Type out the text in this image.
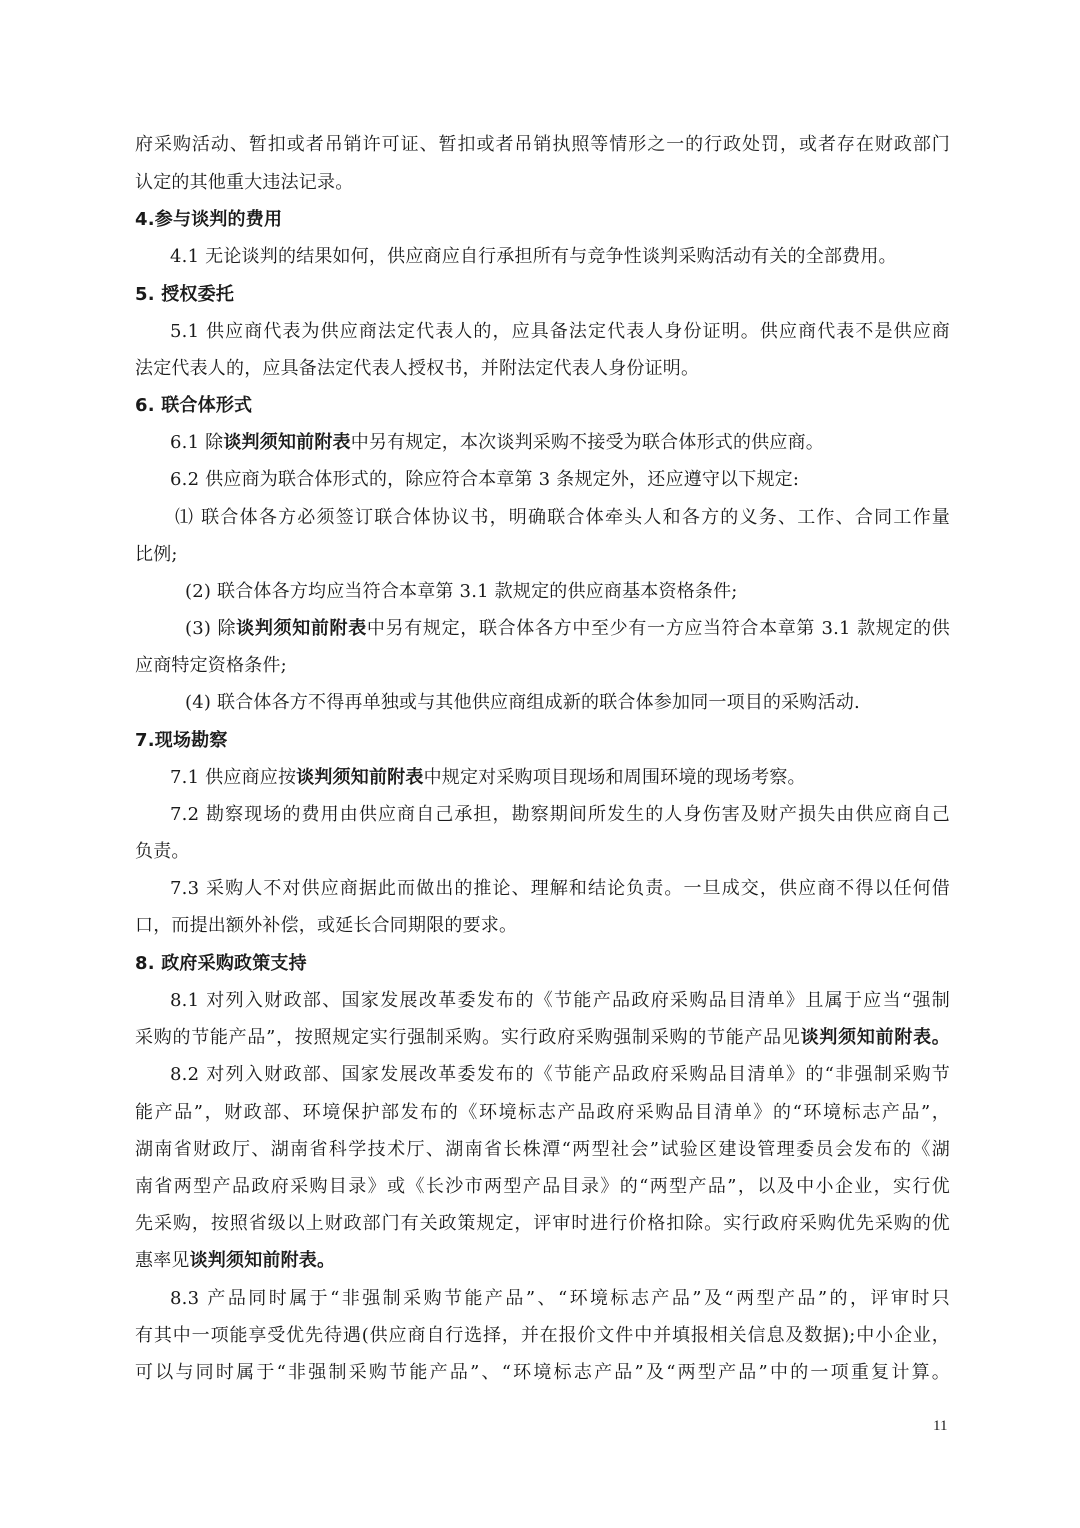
府采购活动、暂扣或者吊销许可证、暂扣或者吊销执照等情形之一的行政处罚，或者存在财政部门
认定的其他重大违法记录。
4.参与谈判的费用
4.1 无论谈判的结果如何，供应商应自行承担所有与竞争性谈判采购活动有关的全部费用。
5. 授权委托
5.1 供应商代表为供应商法定代表人的，应具备法定代表人身份证明。供应商代表不是供应商
法定代表人的，应具备法定代表人授权书，并附法定代表人身份证明。
6. 联合体形式
6.1 除谈判须知前附表中另有规定，本次谈判采购不接受为联合体形式的供应商。
6.2 供应商为联合体形式的，除应符合本章第 3 条规定外，还应遵守以下规定:
⑴ 联合体各方必须签订联合体协议书，明确联合体牵头人和各方的义务、工作、合同工作量
比例;
(2) 联合体各方均应当符合本章第 3.1 款规定的供应商基本资格条件;
(3) 除谈判须知前附表中另有规定，联合体各方中至少有一方应当符合本章第 3.1 款规定的供
应商特定资格条件;
(4) 联合体各方不得再单独或与其他供应商组成新的联合体参加同一项目的采购活动.
7.现场勘察
7.1 供应商应按谈判须知前附表中规定对采购项目现场和周围环境的现场考察。
7.2 勘察现场的费用由供应商自己承担，勘察期间所发生的人身伤害及财产损失由供应商自己
负责。
7.3 采购人不对供应商据此而做出的推论、理解和结论负责。一旦成交，供应商不得以任何借
口，而提出额外补偿，或延长合同期限的要求。
8. 政府采购政策支持
8.1 对列入财政部、国家发展改革委发布的《节能产品政府采购品目清单》且属于应当“强制
采购的节能产品”，按照规定实行强制采购。实行政府采购强制采购的节能产品见谈判须知前附表。
8.2 对列入财政部、国家发展改革委发布的《节能产品政府采购品目清单》的“非强制采购节
能产品”，财政部、环境保护部发布的《环境标志产品政府采购品目清单》的“环境标志产品”，
湖南省财政厅、湖南省科学技术厅、湖南省长株潭“两型社会”试验区建设管理委员会发布的《湖
南省两型产品政府采购目录》或《长沙市两型产品目录》的“两型产品”，以及中小企业，实行优
先采购，按照省级以上财政部门有关政策规定，评审时进行价格扣除。实行政府采购优先采购的优
惠率见谈判须知前附表。
8.3 产品同时属于“非强制采购节能产品”、“环境标志产品”及“两型产品”的，评审时只
有其中一项能享受优先待遇(供应商自行选择，并在报价文件中并填报相关信息及数据);中小企业，
可以与同时属于“非强制采购节能产品”、“环境标志产品”及“两型产品”中的一项重复计算。
11
